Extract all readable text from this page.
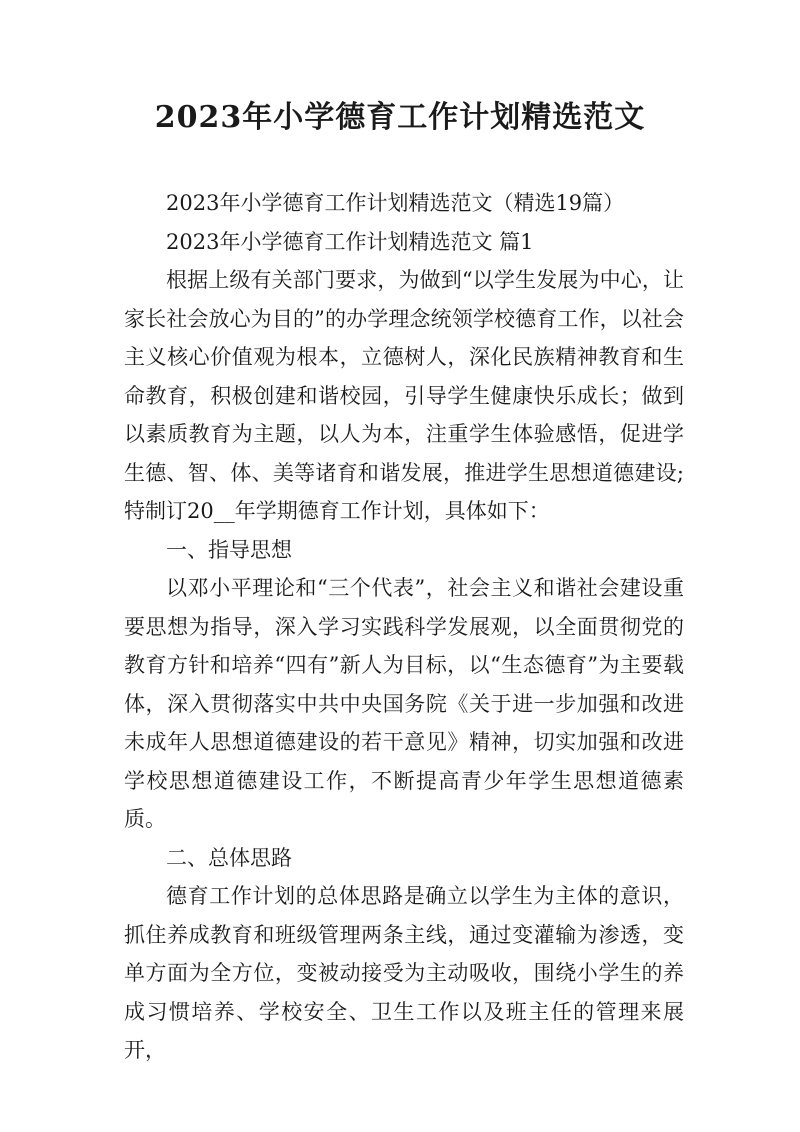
2023年小学德育工作计划精选范文

2023年小学德育工作计划精选范文（精选19篇）

2023年小学德育工作计划精选范文 篇1

根据上级有关部门要求，为做到“以学生发展为中心，让家长社会放心为目的”的办学理念统领学校德育工作，以社会主义核心价值观为根本，立德树人，深化民族精神教育和生命教育，积极创建和谐校园，引导学生健康快乐成长；做到以素质教育为主题，以人为本，注重学生体验感悟，促进学生德、智、体、美等诸育和谐发展，推进学生思想道德建设;特制订20__年学期德育工作计划，具体如下：

一、指导思想

以邓小平理论和“三个代表”，社会主义和谐社会建设重要思想为指导，深入学习实践科学发展观，以全面贯彻党的教育方针和培养“四有”新人为目标，以“生态德育”为主要载体，深入贯彻落实中共中央国务院《关于进一步加强和改进未成年人思想道德建设的若干意见》精神，切实加强和改进学校思想道德建设工作，不断提高青少年学生思想道德素质。

二、总体思路

德育工作计划的总体思路是确立以学生为主体的意识，抓住养成教育和班级管理两条主线，通过变灌输为渗透，变单方面为全方位，变被动接受为主动吸收，围绕小学生的养成习惯培养、学校安全、卫生工作以及班主任的管理来展开，
